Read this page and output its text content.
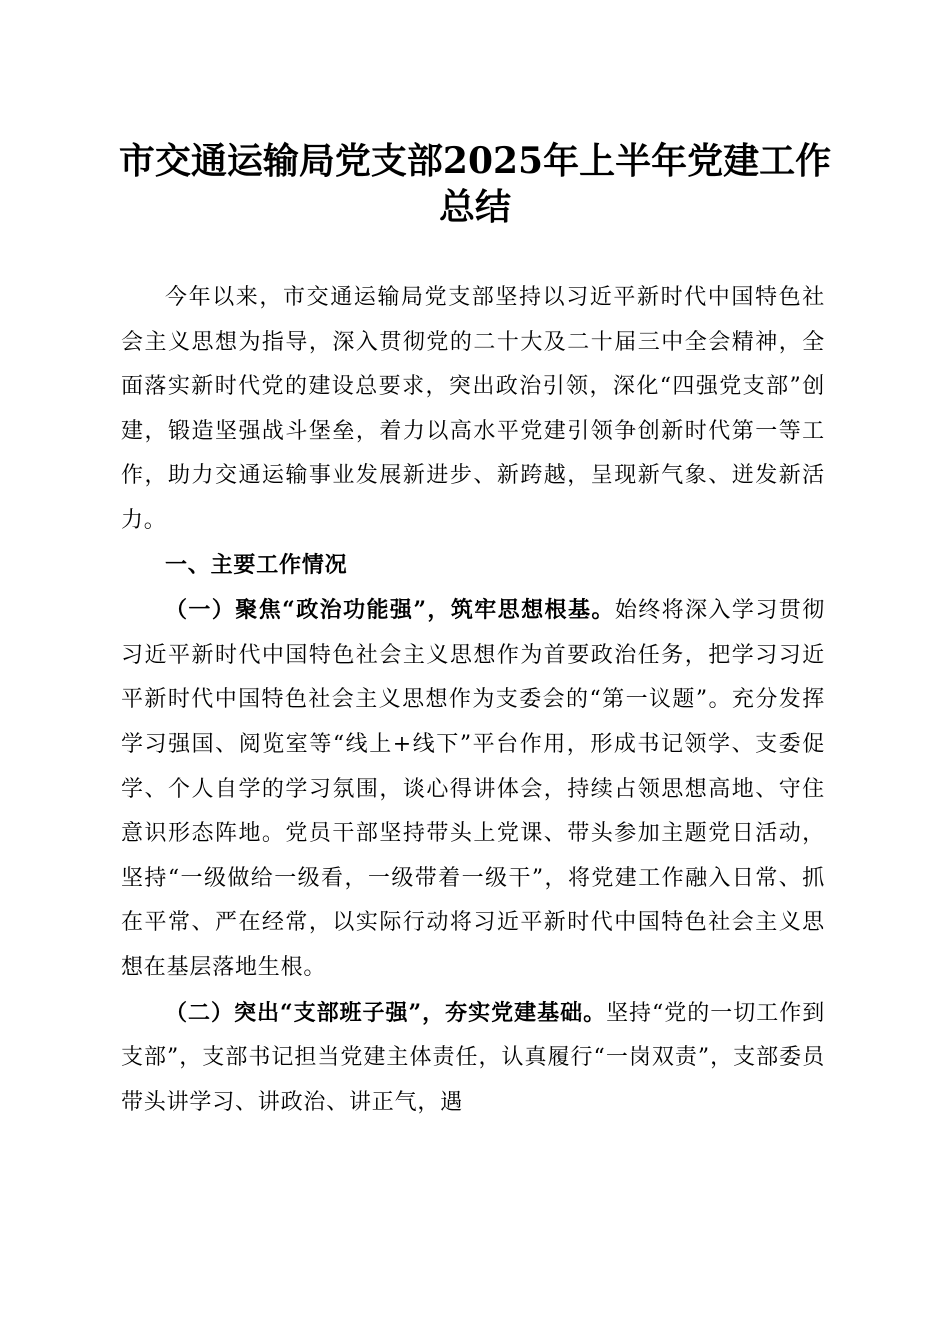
市交通运输局党支部2025年上半年党建工作总结

今年以来，市交通运输局党支部坚持以习近平新时代中国特色社会主义思想为指导，深入贯彻党的二十大及二十届三中全会精神，全面落实新时代党的建设总要求，突出政治引领，深化“四强党支部”创建，锻造坚强战斗堡垒，着力以高水平党建引领争创新时代第一等工作，助力交通运输事业发展新进步、新跨越，呈现新气象、迸发新活力。

一、主要工作情况

（一）聚焦“政治功能强”，筑牢思想根基。始终将深入学习贯彻习近平新时代中国特色社会主义思想作为首要政治任务，把学习习近平新时代中国特色社会主义思想作为支委会的“第一议题”。充分发挥学习强国、阅览室等“线上+线下”平台作用，形成书记领学、支委促学、个人自学的学习氛围，谈心得讲体会，持续占领思想高地、守住意识形态阵地。党员干部坚持带头上党课、带头参加主题党日活动，坚持“一级做给一级看，一级带着一级干”，将党建工作融入日常、抓在平常、严在经常，以实际行动将习近平新时代中国特色社会主义思想在基层落地生根。

（二）突出“支部班子强”，夯实党建基础。坚持“党的一切工作到支部”，支部书记担当党建主体责任，认真履行“一岗双责”，支部委员带头讲学习、讲政治、讲正气，遇
